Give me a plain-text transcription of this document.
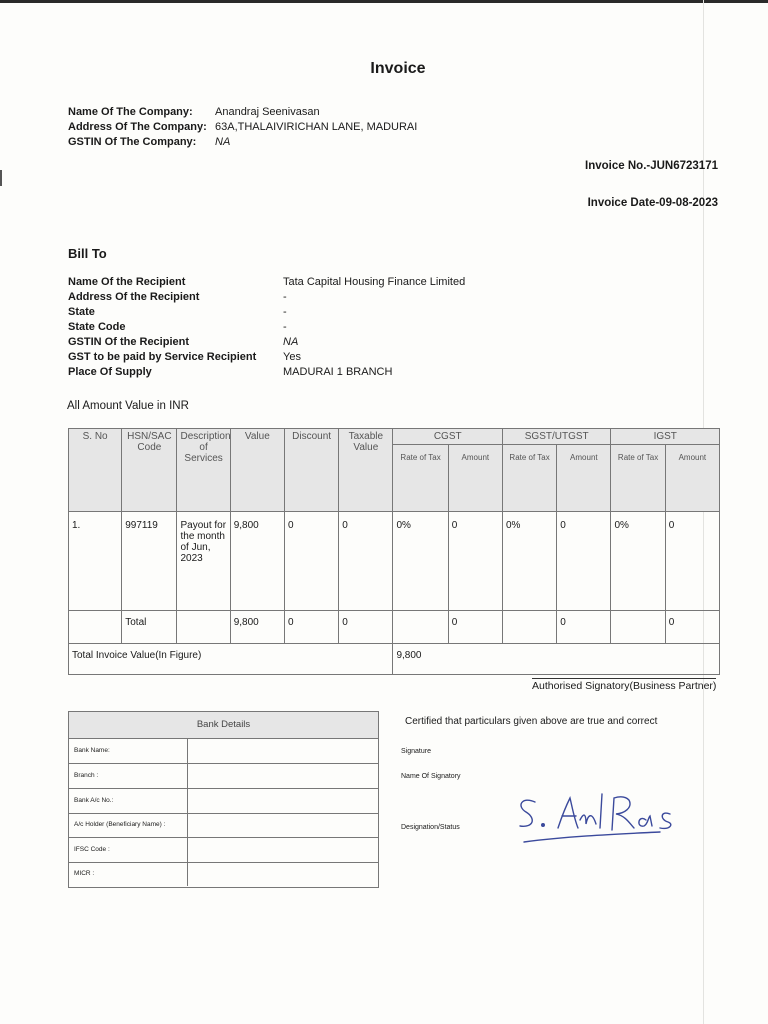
Invoice
Name Of The Company: Anandraj Seenivasan
Address Of The Company: 63A,THALAIVIRICHAN LANE, MADURAI
GSTIN Of The Company: NA
Invoice No.-JUN6723171
Invoice Date-09-08-2023
Bill To
Name Of the Recipient	Tata Capital Housing Finance Limited
Address Of the Recipient	-
State	-
State Code	-
GSTIN Of the Recipient	NA
GST to be paid by Service Recipient Yes
Place Of Supply	MADURAI 1 BRANCH
All Amount Value in INR
S. No	HSN/SAC Code	Description of Services	Value	Discount	Taxable Value	CGST		SGST/UTGST		IGST	
						Rate of Tax	Amount	Rate of Tax	Amount	Rate of Tax	Amount
1.	997119	Payout for the month of Jun, 2023	9,800	0	0	0%	0	0%	0	0%	0
	Total		9,800	0	0		0		0		0
Total Invoice Value(In Figure)						9,800					
Authorised Signatory(Business Partner)
Bank Details
Bank Name:
Branch :
Bank A/c No.:
A/c Holder (Beneficiary Name) :
IFSC Code :
MICR :
Certified that particulars given above are true and correct
Signature
Name Of Signatory
Designation/Status
